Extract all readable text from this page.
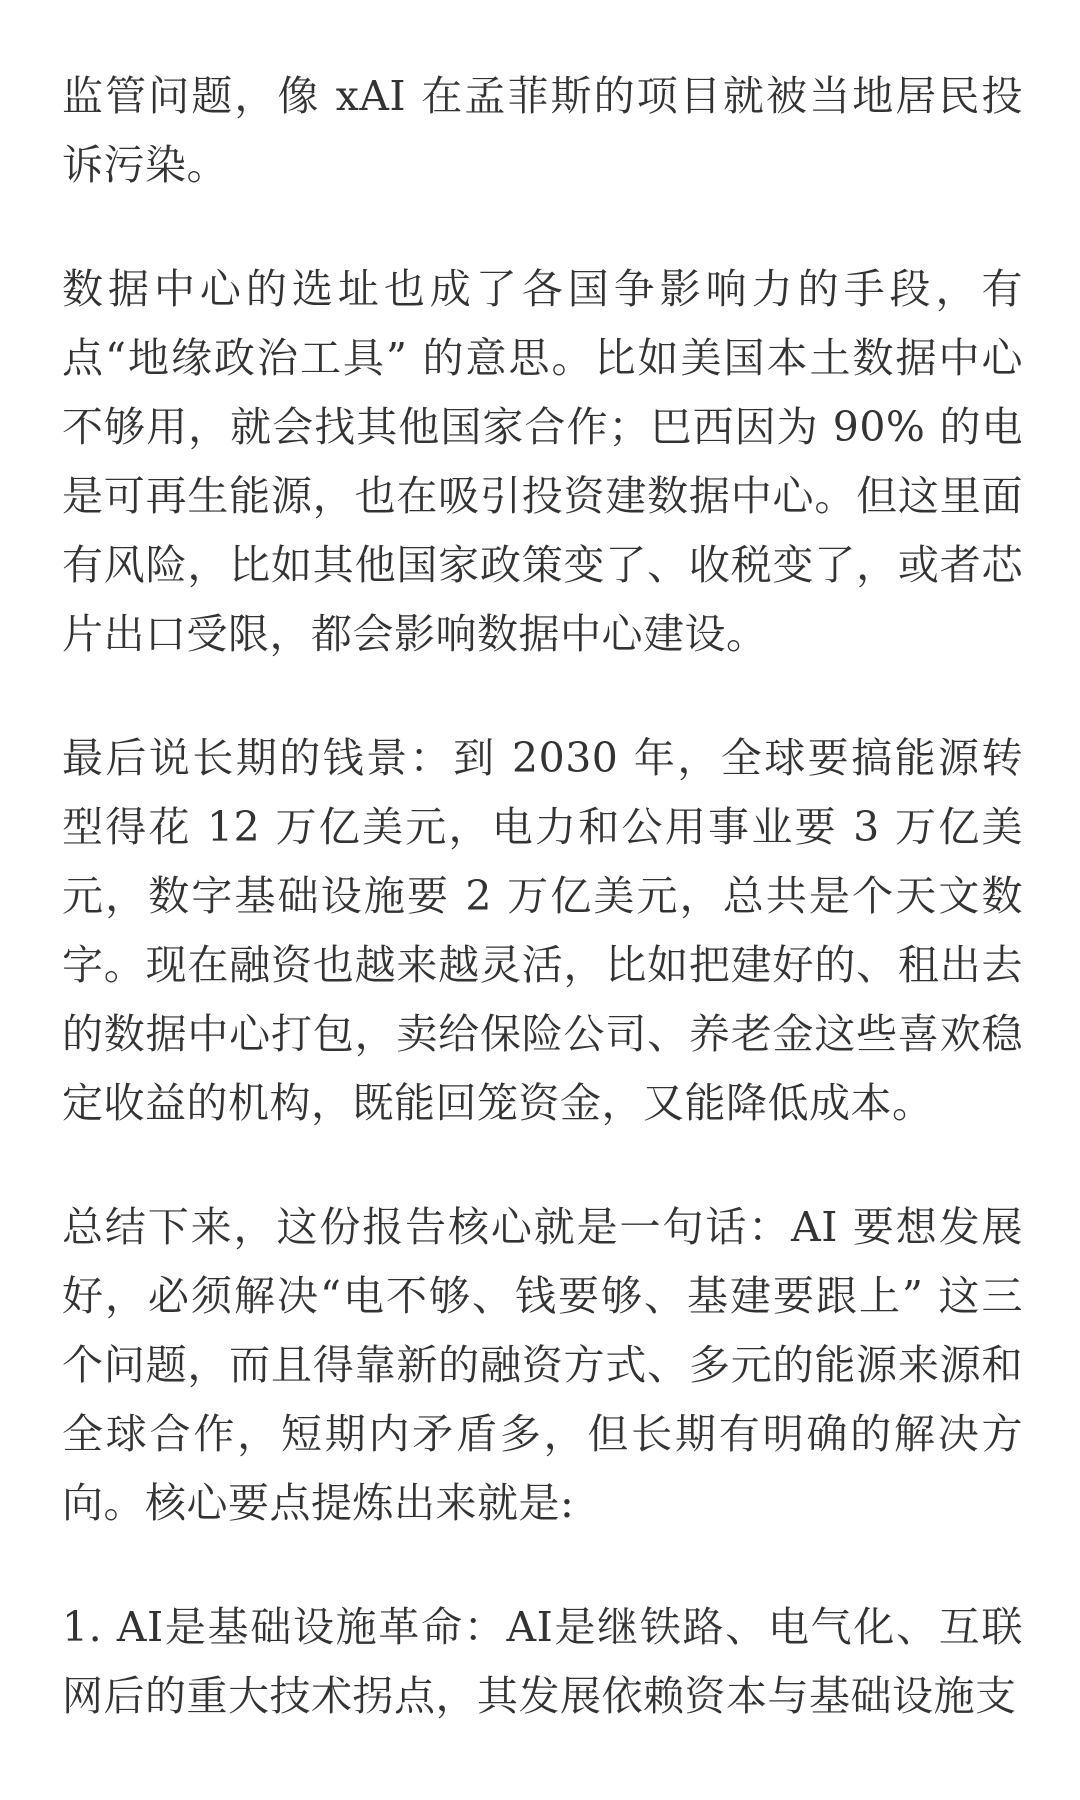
监管问题，像 xAI 在孟菲斯的项目就被当地居民投诉污染。

数据中心的选址也成了各国争影响力的手段，有点“地缘政治工具” 的意思。比如美国本土数据中心不够用，就会找其他国家合作；巴西因为 90% 的电是可再生能源，也在吸引投资建数据中心。但这里面有风险，比如其他国家政策变了、收税变了，或者芯片出口受限，都会影响数据中心建设。

最后说长期的钱景：到 2030 年，全球要搞能源转型得花 12 万亿美元，电力和公用事业要 3 万亿美元，数字基础设施要 2 万亿美元，总共是个天文数字。现在融资也越来越灵活，比如把建好的、租出去的数据中心打包，卖给保险公司、养老金这些喜欢稳定收益的机构，既能回笼资金，又能降低成本。

总结下来，这份报告核心就是一句话：AI 要想发展好，必须解决“电不够、钱要够、基建要跟上” 这三个问题，而且得靠新的融资方式、多元的能源来源和全球合作，短期内矛盾多，但长期有明确的解决方向。核心要点提炼出来就是:

1. AI是基础设施革命：AI是继铁路、电气化、互联网后的重大技术拐点，其发展依赖资本与基础设施支
